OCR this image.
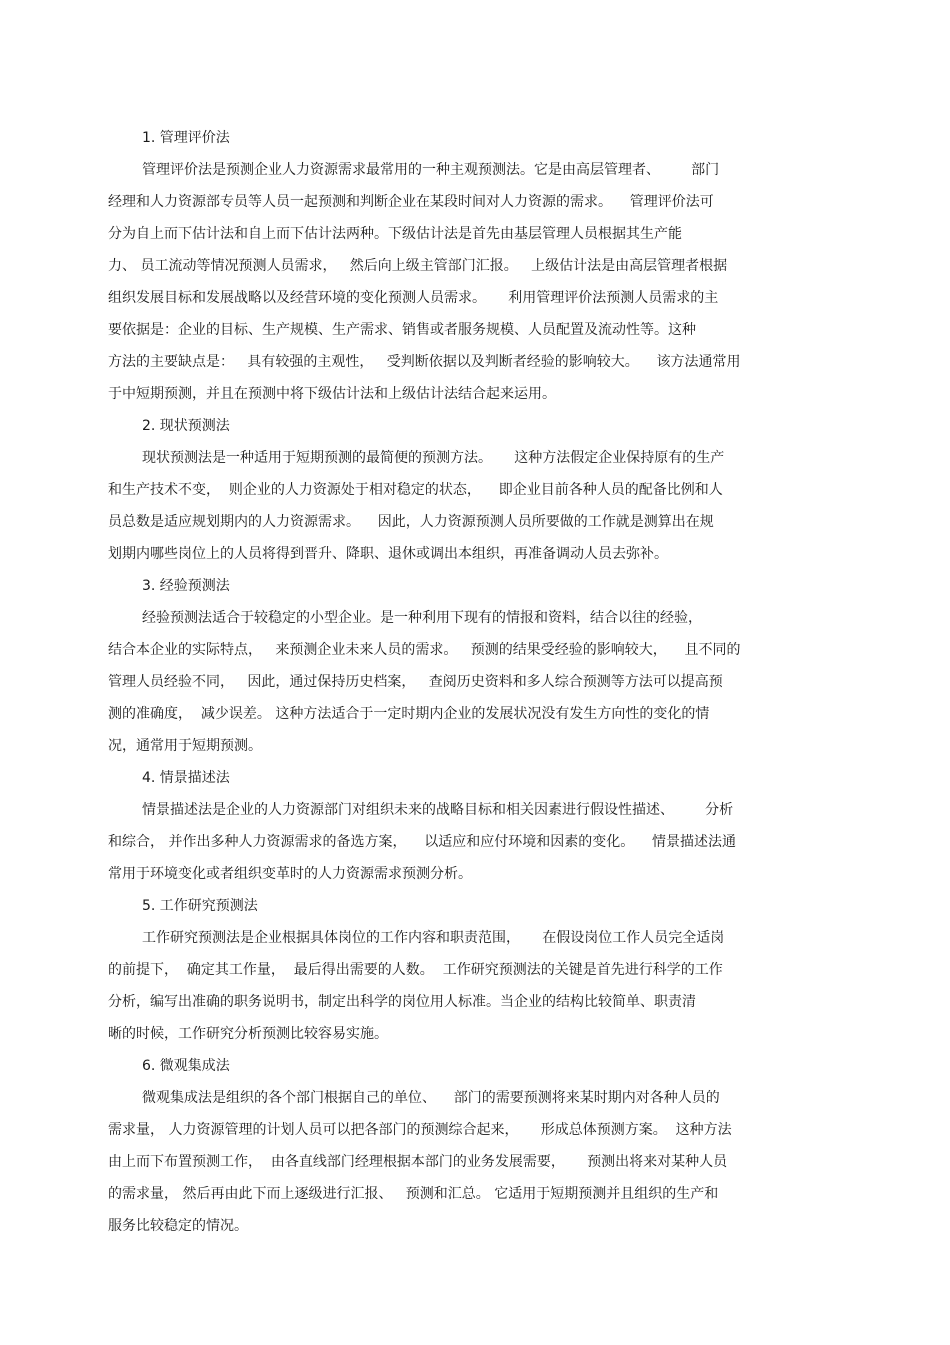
1. 管理评价法
管理评价法是预测企业人力资源需求最常用的一种主观预测法。它是由高层管理者、       部门
经理和人力资源部专员等人员一起预测和判断企业在某段时间对人力资源的需求。    管理评价法可
分为自上而下估计法和自上而下估计法两种。下级估计法是首先由基层管理人员根据其生产能
力、 员工流动等情况预测人员需求，   然后向上级主管部门汇报。   上级估计法是由高层管理者根据
组织发展目标和发展战略以及经营环境的变化预测人员需求。     利用管理评价法预测人员需求的主
要依据是：企业的目标、生产规模、生产需求、销售或者服务规模、人员配置及流动性等。这种
方法的主要缺点是：   具有较强的主观性，   受判断依据以及判断者经验的影响较大。    该方法通常用
于中短期预测，并且在预测中将下级估计法和上级估计法结合起来运用。
2. 现状预测法
现状预测法是一种适用于短期预测的最简便的预测方法。     这种方法假定企业保持原有的生产
和生产技术不变，  则企业的人力资源处于相对稳定的状态，    即企业目前各种人员的配备比例和人
员总数是适应规划期内的人力资源需求。    因此，人力资源预测人员所要做的工作就是测算出在规
划期内哪些岗位上的人员将得到晋升、降职、退休或调出本组织，再准备调动人员去弥补。
3. 经验预测法
经验预测法适合于较稳定的小型企业。是一种利用下现有的情报和资料，结合以往的经验，
结合本企业的实际特点，   来预测企业未来人员的需求。   预测的结果受经验的影响较大，    且不同的
管理人员经验不同，   因此，通过保持历史档案，   查阅历史资料和多人综合预测等方法可以提高预
测的准确度，  减少误差。 这种方法适合于一定时期内企业的发展状况没有发生方向性的变化的情
况，通常用于短期预测。
4. 情景描述法
情景描述法是企业的人力资源部门对组织未来的战略目标和相关因素进行假设性描述、       分析
和综合， 并作出多种人力资源需求的备选方案，    以适应和应付环境和因素的变化。    情景描述法通
常用于环境变化或者组织变革时的人力资源需求预测分析。
5. 工作研究预测法
工作研究预测法是企业根据具体岗位的工作内容和职责范围，     在假设岗位工作人员完全适岗
的前提下，  确定其工作量，  最后得出需要的人数。  工作研究预测法的关键是首先进行科学的工作
分析，编写出准确的职务说明书，制定出科学的岗位用人标准。当企业的结构比较简单、职责清
晰的时候，工作研究分析预测比较容易实施。
6. 微观集成法
微观集成法是组织的各个部门根据自己的单位、    部门的需要预测将来某时期内对各种人员的
需求量， 人力资源管理的计划人员可以把各部门的预测综合起来，     形成总体预测方案。  这种方法
由上而下布置预测工作，  由各直线部门经理根据本部门的业务发展需要，     预测出将来对某种人员
的需求量， 然后再由此下而上逐级进行汇报、   预测和汇总。 它适用于短期预测并且组织的生产和
服务比较稳定的情况。
